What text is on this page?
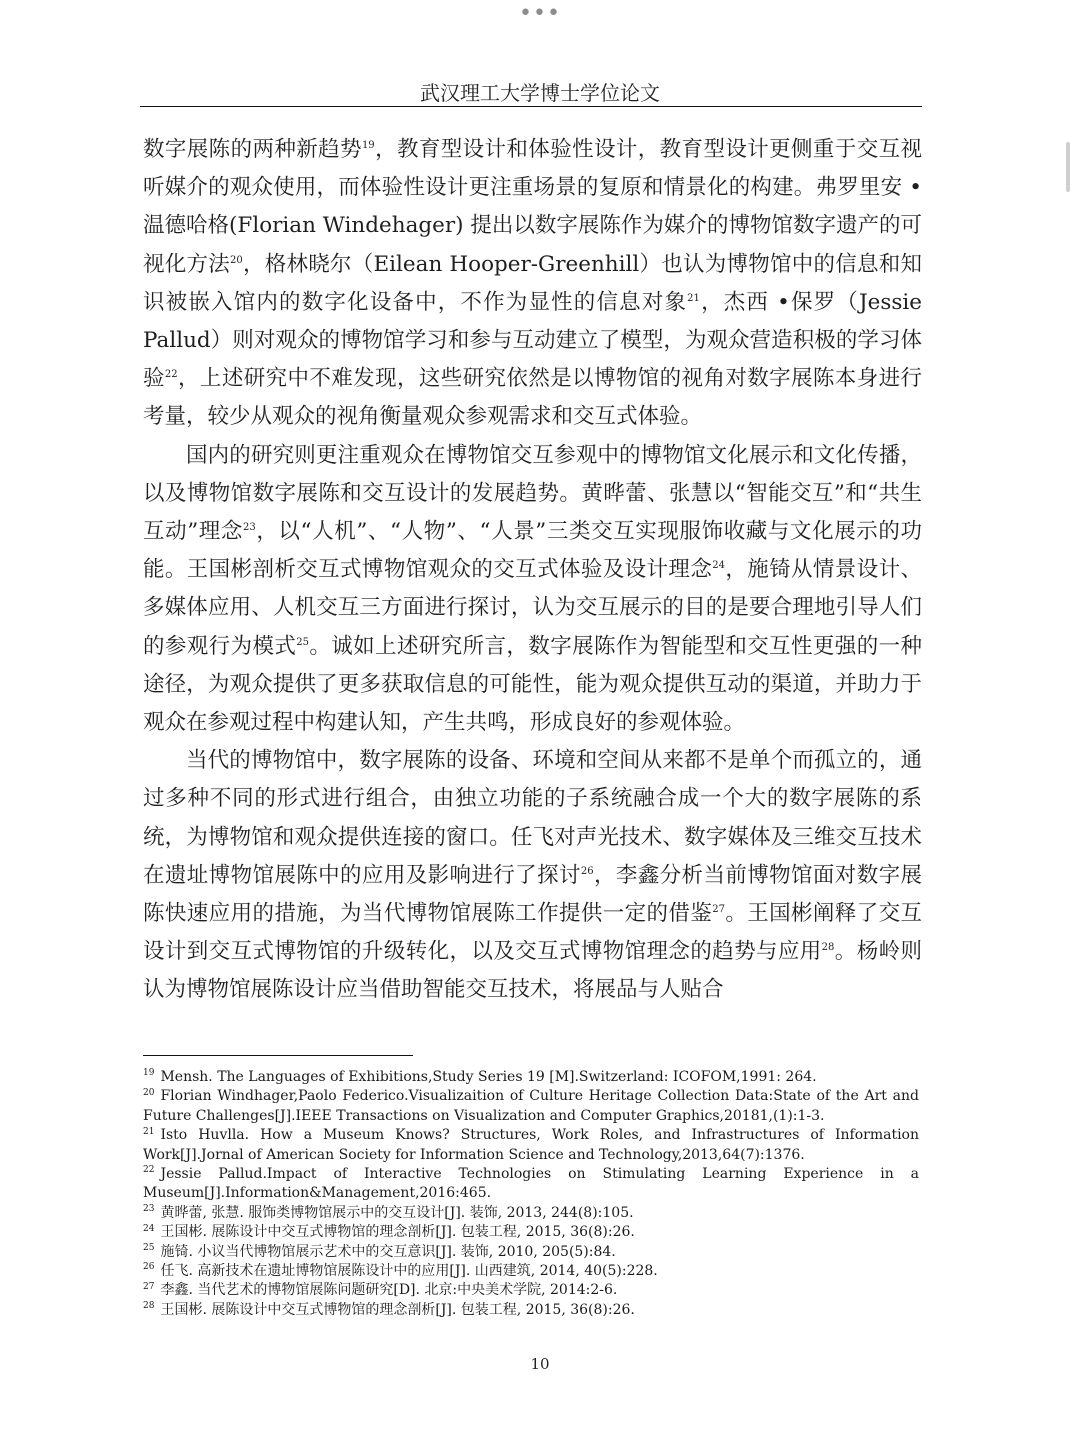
•••
武汉理工大学博士学位论文

数字展陈的两种新趋势$^{19}$，教育型设计和体验性设计，教育型设计更侧重于交互视听媒介的观众使用，而体验性设计更注重场景的复原和情景化的构建。弗罗里安 • 温德哈格(Florian Windehager) 提出以数字展陈作为媒介的博物馆数字遗产的可视化方法$^{20}$，格林晓尔（Eilean Hooper-Greenhill）也认为博物馆中的信息和知识被嵌入馆内的数字化设备中，不作为显性的信息对象$^{21}$，杰西 •保罗（Jessie Pallud）则对观众的博物馆学习和参与互动建立了模型，为观众营造积极的学习体验$^{22}$，上述研究中不难发现，这些研究依然是以博物馆的视角对数字展陈本身进行考量，较少从观众的视角衡量观众参观需求和交互式体验。

国内的研究则更注重观众在博物馆交互参观中的博物馆文化展示和文化传播，以及博物馆数字展陈和交互设计的发展趋势。黄晔蕾、张慧以“智能交互”和“共生互动”理念$^{23}$，以“人机”、“人物”、“人景”三类交互实现服饰收藏与文化展示的功能。王国彬剖析交互式博物馆观众的交互式体验及设计理念$^{24}$，施锜从情景设计、多媒体应用、人机交互三方面进行探讨，认为交互展示的目的是要合理地引导人们的参观行为模式$^{25}$。诚如上述研究所言，数字展陈作为智能型和交互性更强的一种途径，为观众提供了更多获取信息的可能性，能为观众提供互动的渠道，并助力于观众在参观过程中构建认知，产生共鸣，形成良好的参观体验。

当代的博物馆中，数字展陈的设备、环境和空间从来都不是单个而孤立的，通过多种不同的形式进行组合，由独立功能的子系统融合成一个大的数字展陈的系统，为博物馆和观众提供连接的窗口。任飞对声光技术、数字媒体及三维交互技术在遗址博物馆展陈中的应用及影响进行了探讨$^{26}$，李鑫分析当前博物馆面对数字展陈快速应用的措施，为当代博物馆展陈工作提供一定的借鉴$^{27}$。王国彬阐释了交互设计到交互式博物馆的升级转化，以及交互式博物馆理念的趋势与应用$^{28}$。杨岭则认为博物馆展陈设计应当借助智能交互技术，将展品与人贴合

$^{19}$ Mensh. The Languages of Exhibitions,Study Series 19 [M].Switzerland: ICOFOM,1991: 264.
$^{20}$ Florian Windhager,Paolo Federico.Visualizaition of Culture Heritage Collection Data:State of the Art and Future Challenges[J].IEEE Transactions on Visualization and Computer Graphics,20181,(1):1-3.
$^{21}$ Isto Huvlla. How a Museum Knows? Structures, Work Roles, and Infrastructures of Information Work[J].Jornal of American Society for Information Science and Technology,2013,64(7):1376.
$^{22}$ Jessie Pallud.Impact of Interactive Technologies on Stimulating Learning Experience in a Museum[J].Information&Management,2016:465.
$^{23}$ 黄晔蕾, 张慧. 服饰类博物馆展示中的交互设计[J]. 装饰, 2013, 244(8):105.
$^{24}$ 王国彬. 展陈设计中交互式博物馆的理念剖析[J]. 包装工程, 2015, 36(8):26.
$^{25}$ 施锜. 小议当代博物馆展示艺术中的交互意识[J]. 装饰, 2010, 205(5):84.
$^{26}$ 任飞. 高新技术在遗址博物馆展陈设计中的应用[J]. 山西建筑, 2014, 40(5):228.
$^{27}$ 李鑫. 当代艺术的博物馆展陈问题研究[D]. 北京:中央美术学院, 2014:2-6.
$^{28}$ 王国彬. 展陈设计中交互式博物馆的理念剖析[J]. 包装工程, 2015, 36(8):26.
10
